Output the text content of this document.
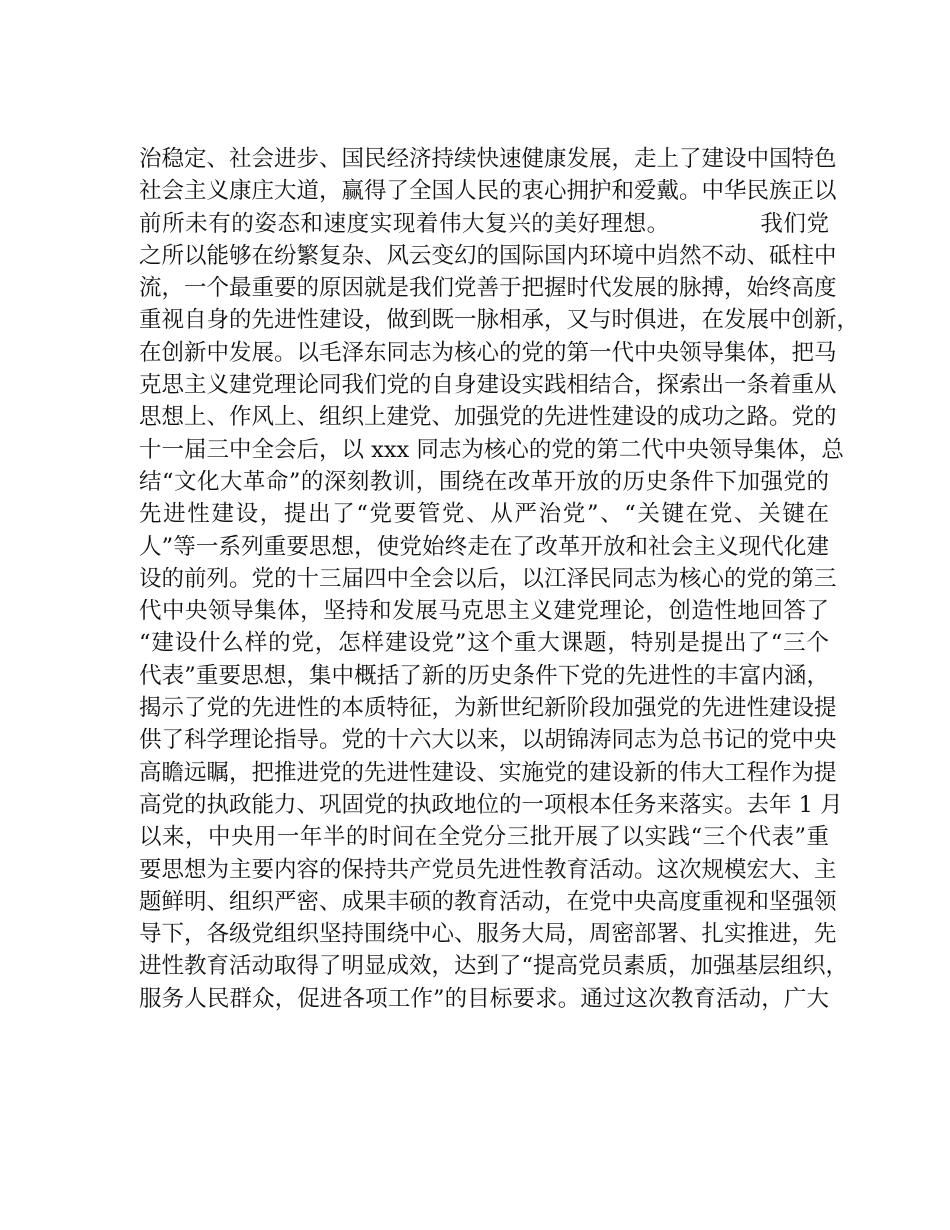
治稳定、社会进步、国民经济持续快速健康发展，走上了建设中国特色
社会主义康庄大道，赢得了全国人民的衷心拥护和爱戴。中华民族正以
前所未有的姿态和速度实现着伟大复兴的美好理想。	我们党
之所以能够在纷繁复杂、风云变幻的国际国内环境中岿然不动、砥柱中
流，一个最重要的原因就是我们党善于把握时代发展的脉搏，始终高度
重视自身的先进性建设，做到既一脉相承，又与时俱进，在发展中创新，
在创新中发展。以毛泽东同志为核心的党的第一代中央领导集体，把马
克思主义建党理论同我们党的自身建设实践相结合，探索出一条着重从
思想上、作风上、组织上建党、加强党的先进性建设的成功之路。党的
十一届三中全会后，以 xxx 同志为核心的党的第二代中央领导集体，总
结“文化大革命”的深刻教训，围绕在改革开放的历史条件下加强党的
先进性建设，提出了“党要管党、从严治党”、“关键在党、关键在
人”等一系列重要思想，使党始终走在了改革开放和社会主义现代化建
设的前列。党的十三届四中全会以后，以江泽民同志为核心的党的第三
代中央领导集体，坚持和发展马克思主义建党理论，创造性地回答了
“建设什么样的党，怎样建设党”这个重大课题，特别是提出了“三个
代表”重要思想，集中概括了新的历史条件下党的先进性的丰富内涵，
揭示了党的先进性的本质特征，为新世纪新阶段加强党的先进性建设提
供了科学理论指导。党的十六大以来，以胡锦涛同志为总书记的党中央
高瞻远瞩，把推进党的先进性建设、实施党的建设新的伟大工程作为提
高党的执政能力、巩固党的执政地位的一项根本任务来落实。去年 1 月
以来，中央用一年半的时间在全党分三批开展了以实践“三个代表”重
要思想为主要内容的保持共产党员先进性教育活动。这次规模宏大、主
题鲜明、组织严密、成果丰硕的教育活动，在党中央高度重视和坚强领
导下，各级党组织坚持围绕中心、服务大局，周密部署、扎实推进，先
进性教育活动取得了明显成效，达到了“提高党员素质，加强基层组织，
服务人民群众，促进各项工作”的目标要求。通过这次教育活动，广大
